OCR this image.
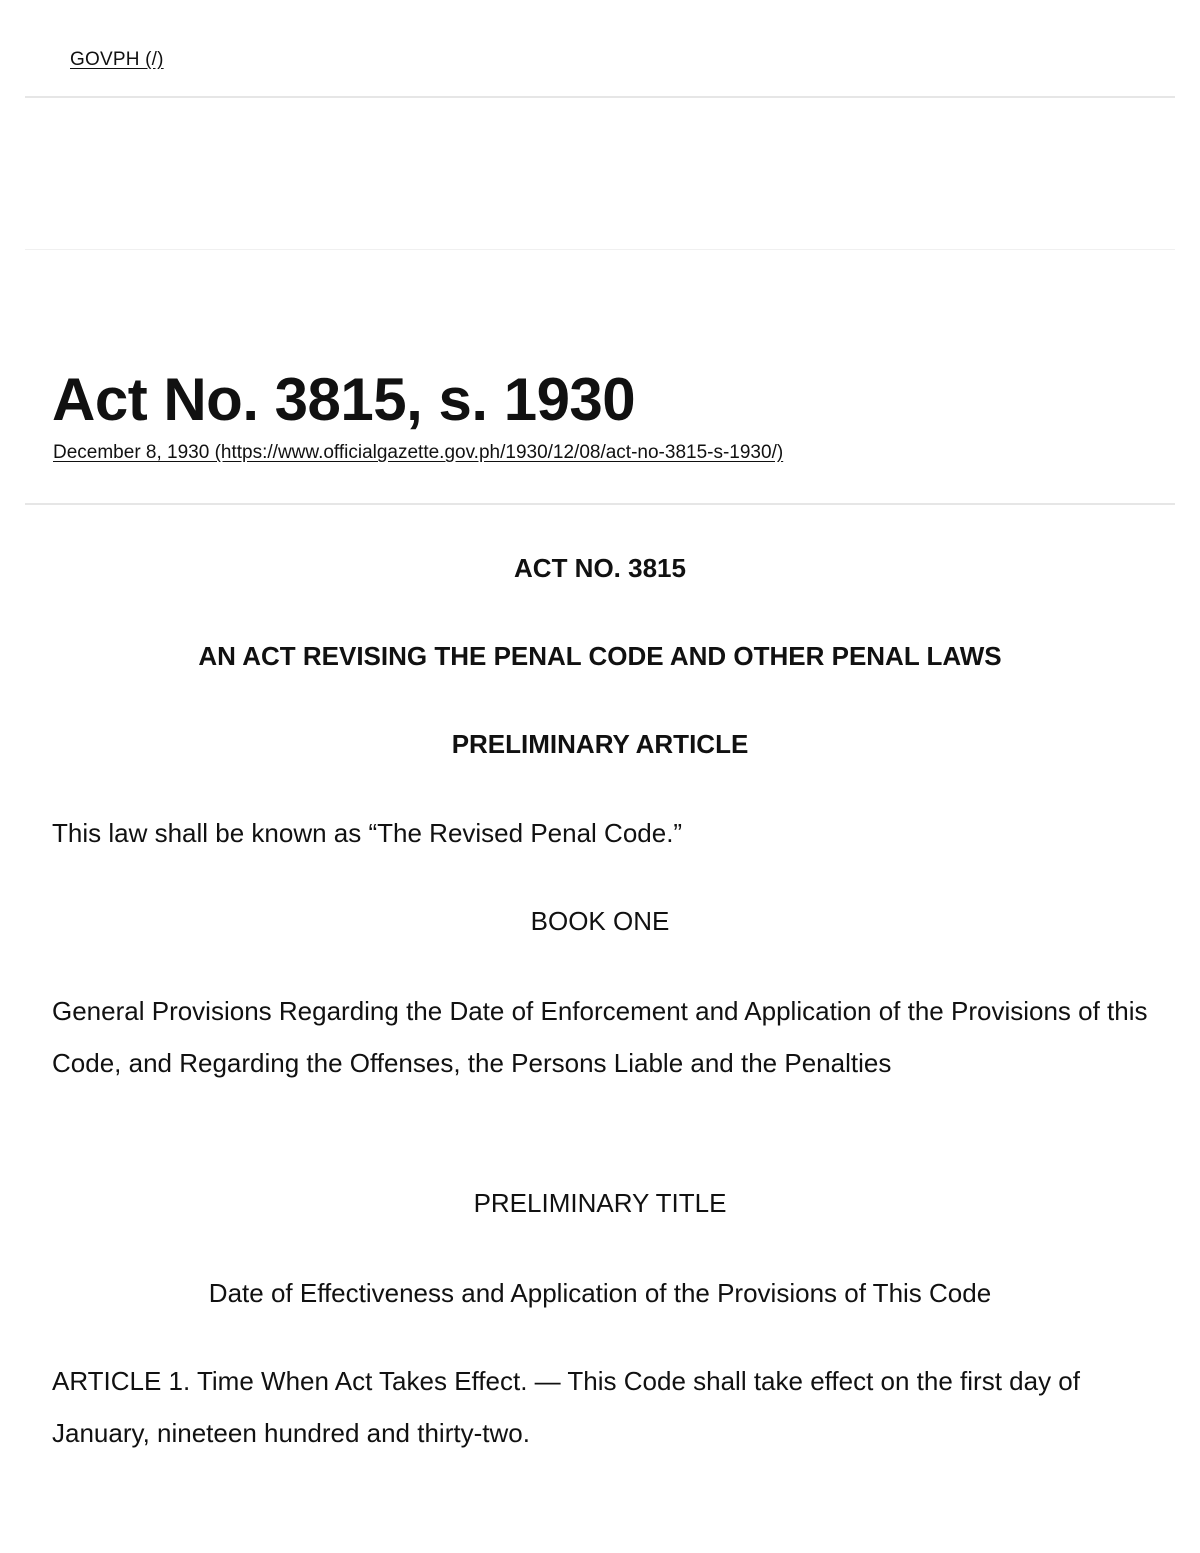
GOVPH (/)
Act No. 3815, s. 1930
December 8, 1930 (https://www.officialgazette.gov.ph/1930/12/08/act-no-3815-s-1930/)

ACT NO. 3815

AN ACT REVISING THE PENAL CODE AND OTHER PENAL LAWS

PRELIMINARY ARTICLE

This law shall be known as “The Revised Penal Code.”

BOOK ONE

General Provisions Regarding the Date of Enforcement and Application of the Provisions of this Code, and Regarding the Offenses, the Persons Liable and the Penalties

PRELIMINARY TITLE

Date of Effectiveness and Application of the Provisions of This Code

ARTICLE 1. Time When Act Takes Effect. — This Code shall take effect on the first day of January, nineteen hundred and thirty-two.
